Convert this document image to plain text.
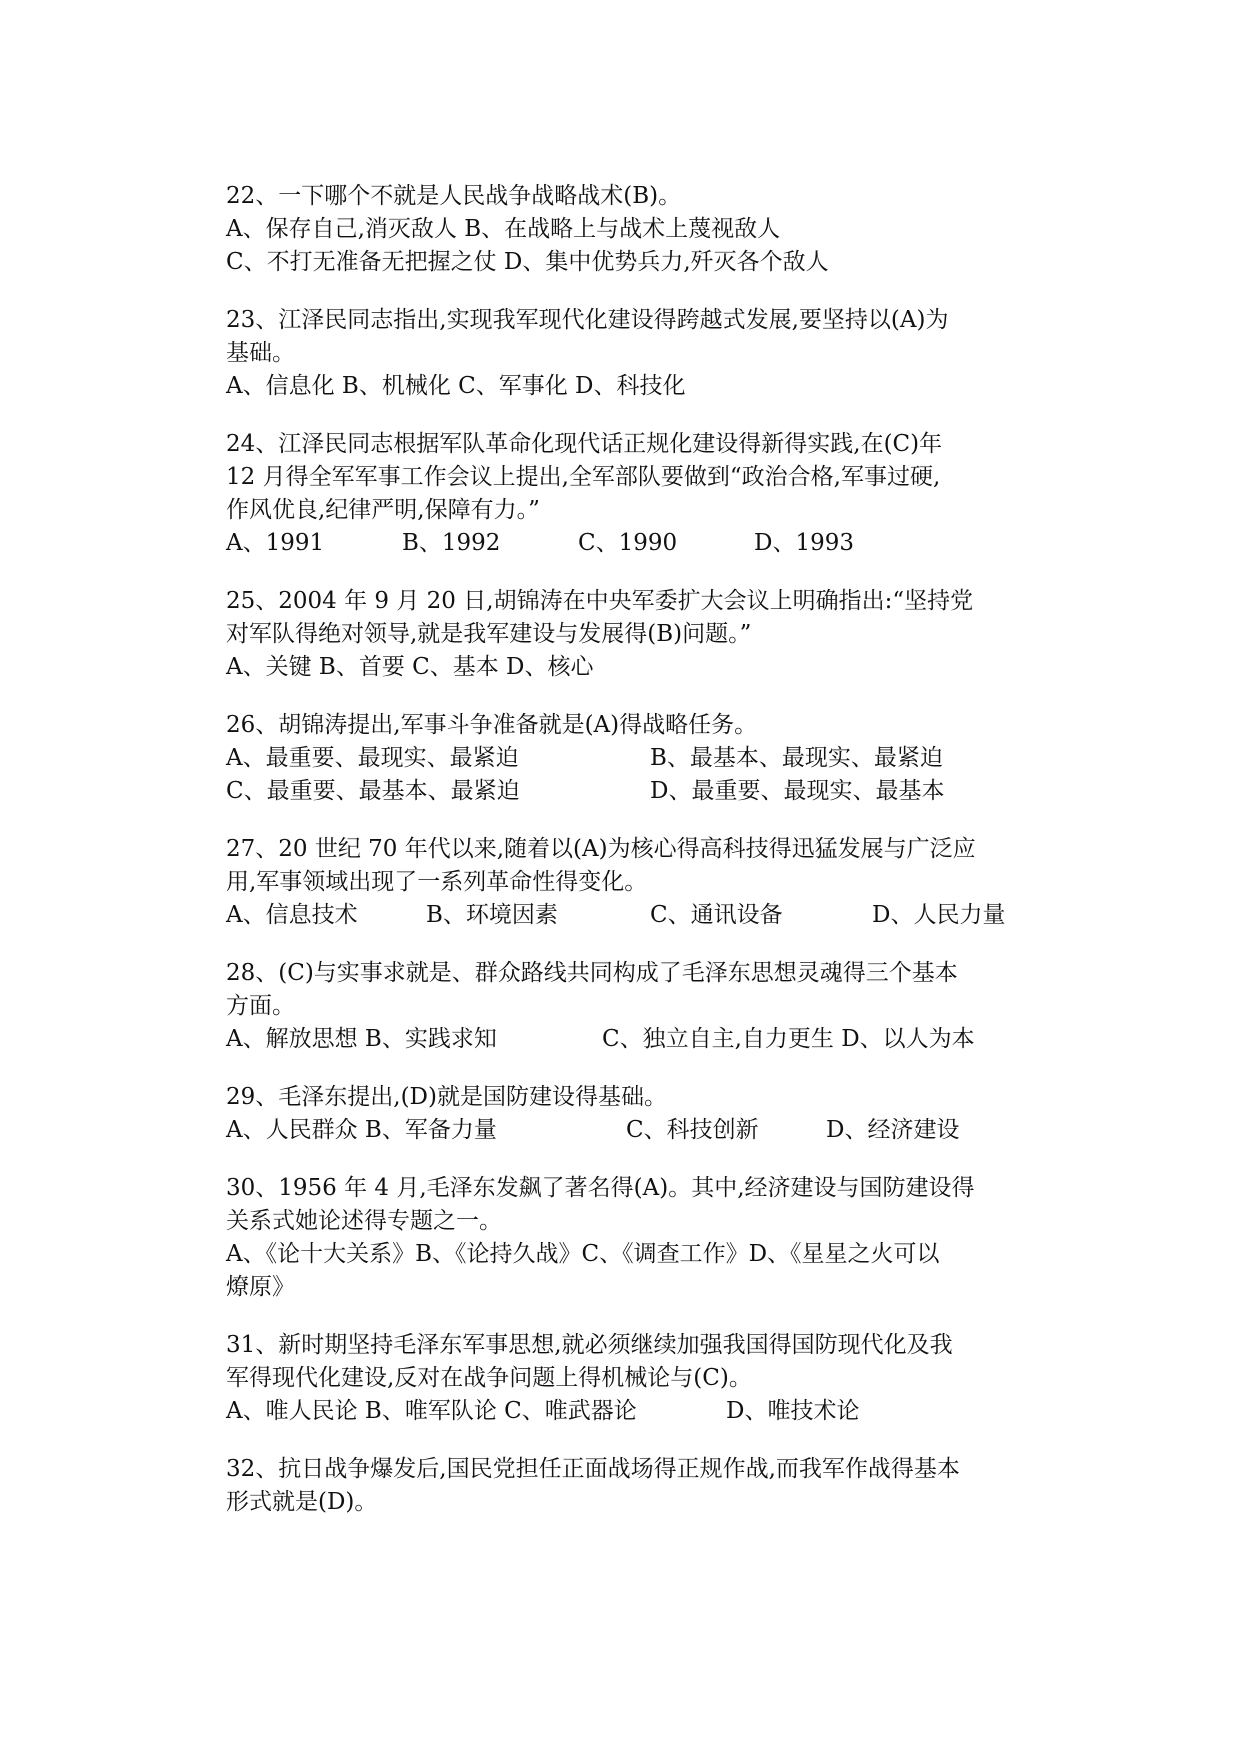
22、一下哪个不就是人民战争战略战术(B)。
A、保存自己,消灭敌人 B、在战略上与战术上蔑视敌人
C、不打无准备无把握之仗 D、集中优势兵力,歼灭各个敌人
23、江泽民同志指出,实现我军现代化建设得跨越式发展,要坚持以(A)为
基础。
A、信息化 B、机械化 C、军事化 D、科技化
24、江泽民同志根据军队革命化现代话正规化建设得新得实践,在(C)年
12 月得全军军事工作会议上提出,全军部队要做到“政治合格,军事过硬,
作风优良,纪律严明,保障有力。”
A、1991	B、1992	C、1990	D、1993
25、2004 年 9 月 20 日,胡锦涛在中央军委扩大会议上明确指出:“坚持党
对军队得绝对领导,就是我军建设与发展得(B)问题。”
A、关键 B、首要 C、基本 D、核心
26、胡锦涛提出,军事斗争准备就是(A)得战略任务。
A、最重要、最现实、最紧迫	B、最基本、最现实、最紧迫
C、最重要、最基本、最紧迫	D、最重要、最现实、最基本
27、20 世纪 70 年代以来,随着以(A)为核心得高科技得迅猛发展与广泛应
用,军事领域出现了一系列革命性得变化。
A、信息技术	B、环境因素	C、通讯设备	D、人民力量
28、(C)与实事求就是、群众路线共同构成了毛泽东思想灵魂得三个基本
方面。
A、解放思想 B、实践求知	C、独立自主,自力更生 D、以人为本
29、毛泽东提出,(D)就是国防建设得基础。
A、人民群众 B、军备力量	C、科技创新	D、经济建设
30、1956 年 4 月,毛泽东发飙了著名得(A)。其中,经济建设与国防建设得
关系式她论述得专题之一。
A、《论十大关系》B、《论持久战》C、《调查工作》D、《星星之火可以
燎原》
31、新时期坚持毛泽东军事思想,就必须继续加强我国得国防现代化及我
军得现代化建设,反对在战争问题上得机械论与(C)。
A、唯人民论 B、唯军队论 C、唯武器论	D、唯技术论
32、抗日战争爆发后,国民党担任正面战场得正规作战,而我军作战得基本
形式就是(D)。
